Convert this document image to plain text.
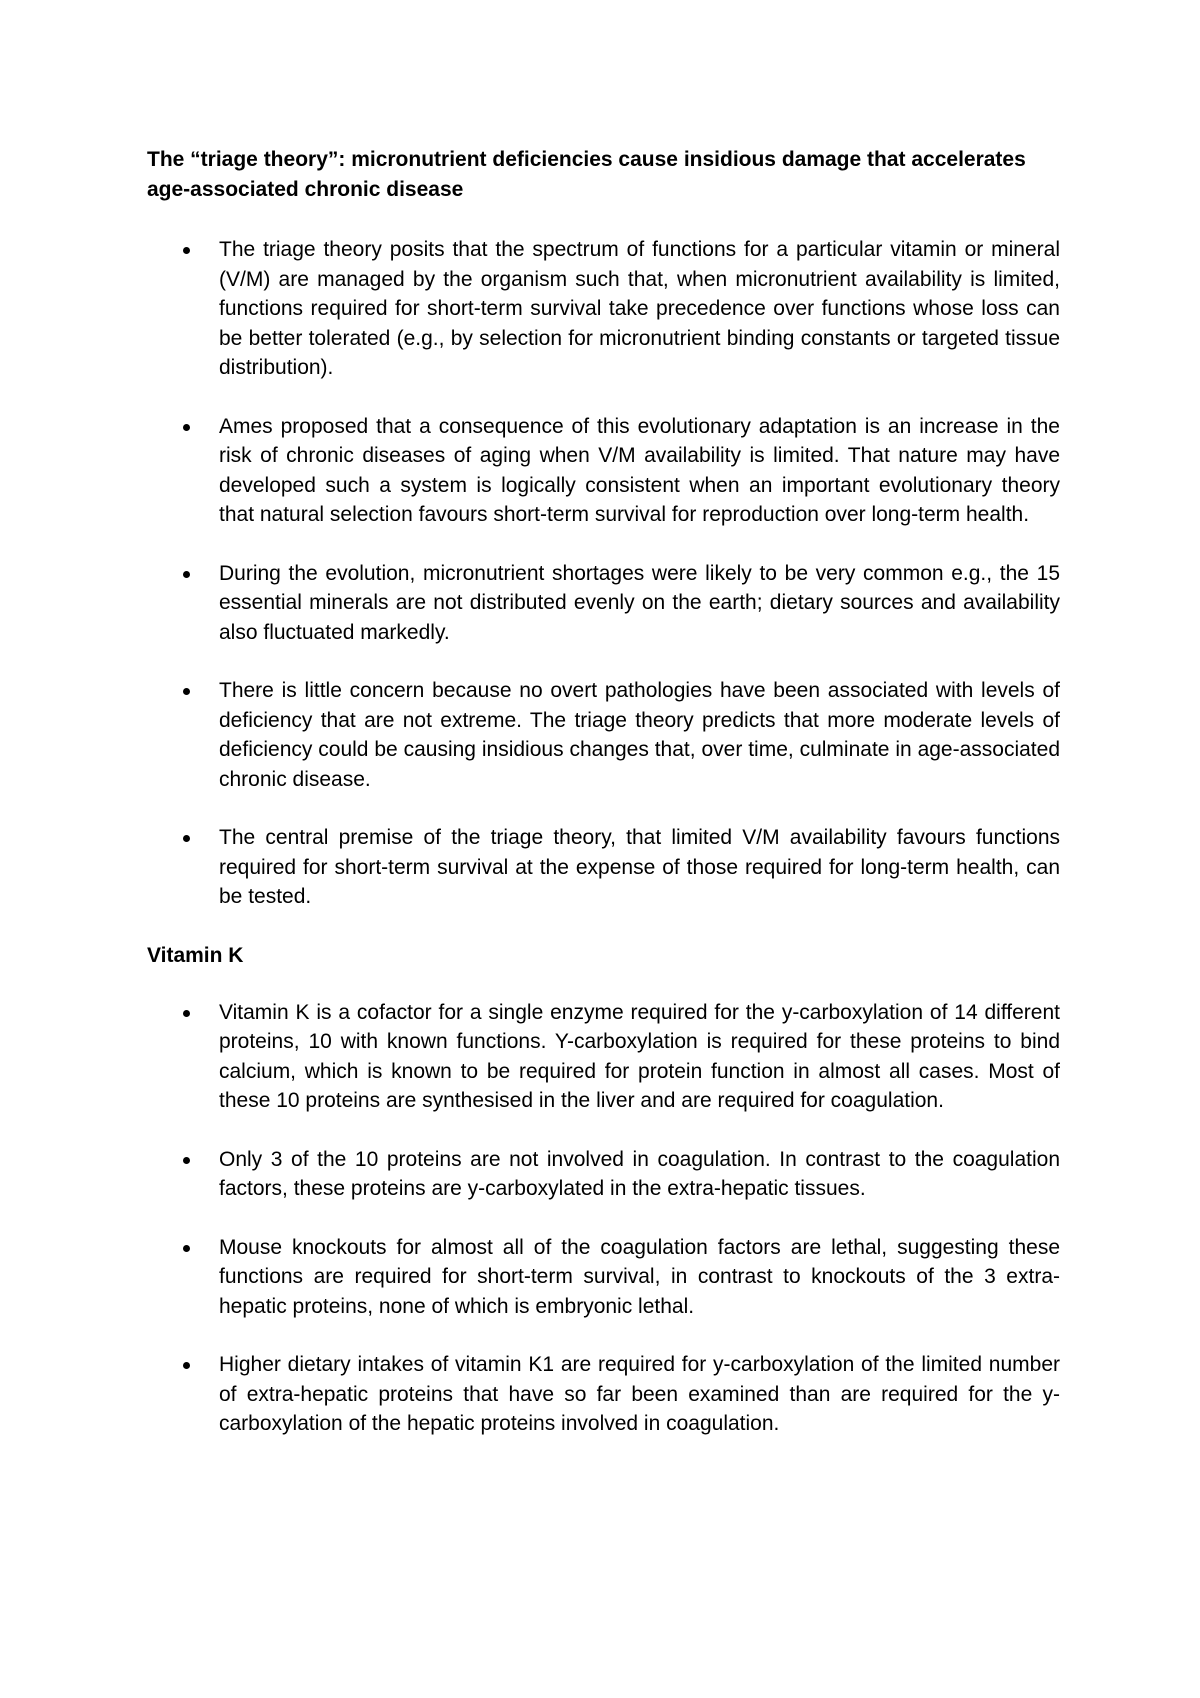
The “triage theory”: micronutrient deficiencies cause insidious damage that accelerates age-associated chronic disease
The triage theory posits that the spectrum of functions for a particular vitamin or mineral (V/M) are managed by the organism such that, when micronutrient availability is limited, functions required for short-term survival take precedence over functions whose loss can be better tolerated (e.g., by selection for micronutrient binding constants or targeted tissue distribution).
Ames proposed that a consequence of this evolutionary adaptation is an increase in the risk of chronic diseases of aging when V/M availability is limited. That nature may have developed such a system is logically consistent when an important evolutionary theory that natural selection favours short-term survival for reproduction over long-term health.
During the evolution, micronutrient shortages were likely to be very common e.g., the 15 essential minerals are not distributed evenly on the earth; dietary sources and availability also fluctuated markedly.
There is little concern because no overt pathologies have been associated with levels of deficiency that are not extreme. The triage theory predicts that more moderate levels of deficiency could be causing insidious changes that, over time, culminate in age-associated chronic disease.
The central premise of the triage theory, that limited V/M availability favours functions required for short-term survival at the expense of those required for long-term health, can be tested.
Vitamin K
Vitamin K is a cofactor for a single enzyme required for the y-carboxylation of 14 different proteins, 10 with known functions. Y-carboxylation is required for these proteins to bind calcium, which is known to be required for protein function in almost all cases. Most of these 10 proteins are synthesised in the liver and are required for coagulation.
Only 3 of the 10 proteins are not involved in coagulation. In contrast to the coagulation factors, these proteins are y-carboxylated in the extra-hepatic tissues.
Mouse knockouts for almost all of the coagulation factors are lethal, suggesting these functions are required for short-term survival, in contrast to knockouts of the 3 extra-hepatic proteins, none of which is embryonic lethal.
Higher dietary intakes of vitamin K1 are required for y-carboxylation of the limited number of extra-hepatic proteins that have so far been examined than are required for the y-carboxylation of the hepatic proteins involved in coagulation.
